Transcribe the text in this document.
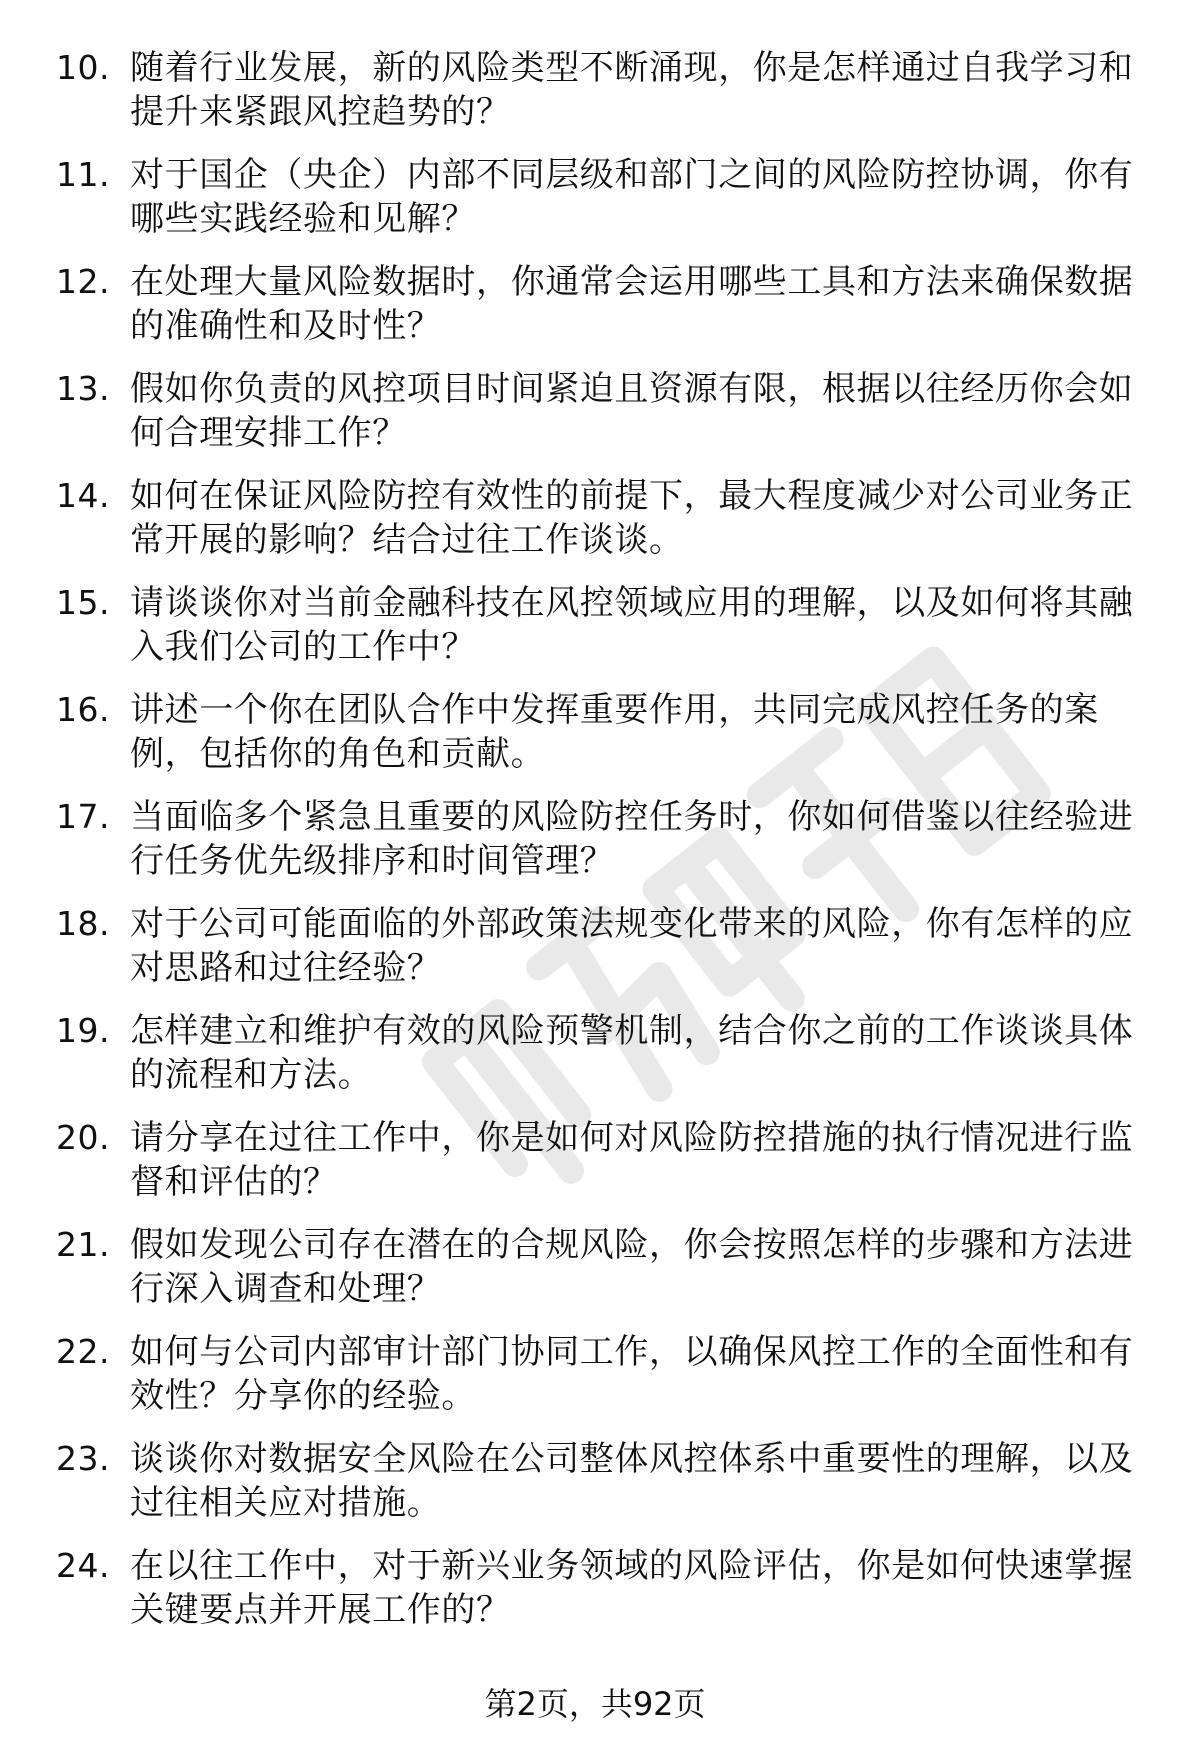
10. 随着行业发展，新的风险类型不断涌现，你是怎样通过自我学习和提升来紧跟风控趋势的？
11. 对于国企（央企）内部不同层级和部门之间的风险防控协调，你有哪些实践经验和见解？
12. 在处理大量风险数据时，你通常会运用哪些工具和方法来确保数据的准确性和及时性？
13. 假如你负责的风控项目时间紧迫且资源有限，根据以往经历你会如何合理安排工作？
14. 如何在保证风险防控有效性的前提下，最大程度减少对公司业务正常开展的影响？结合过往工作谈谈。
15. 请谈谈你对当前金融科技在风控领域应用的理解，以及如何将其融入我们公司的工作中？
16. 讲述一个你在团队合作中发挥重要作用，共同完成风控任务的案例，包括你的角色和贡献。
17. 当面临多个紧急且重要的风险防控任务时，你如何借鉴以往经验进行任务优先级排序和时间管理？
18. 对于公司可能面临的外部政策法规变化带来的风险，你有怎样的应对思路和过往经验？
19. 怎样建立和维护有效的风险预警机制，结合你之前的工作谈谈具体的流程和方法。
20. 请分享在过往工作中，你是如何对风险防控措施的执行情况进行监督和评估的？
21. 假如发现公司存在潜在的合规风险，你会按照怎样的步骤和方法进行深入调查和处理？
22. 如何与公司内部审计部门协同工作，以确保风控工作的全面性和有效性？分享你的经验。
23. 谈谈你对数据安全风险在公司整体风控体系中重要性的理解，以及过往相关应对措施。
24. 在以往工作中，对于新兴业务领域的风险评估，你是如何快速掌握关键要点并开展工作的？
第2页，共92页
